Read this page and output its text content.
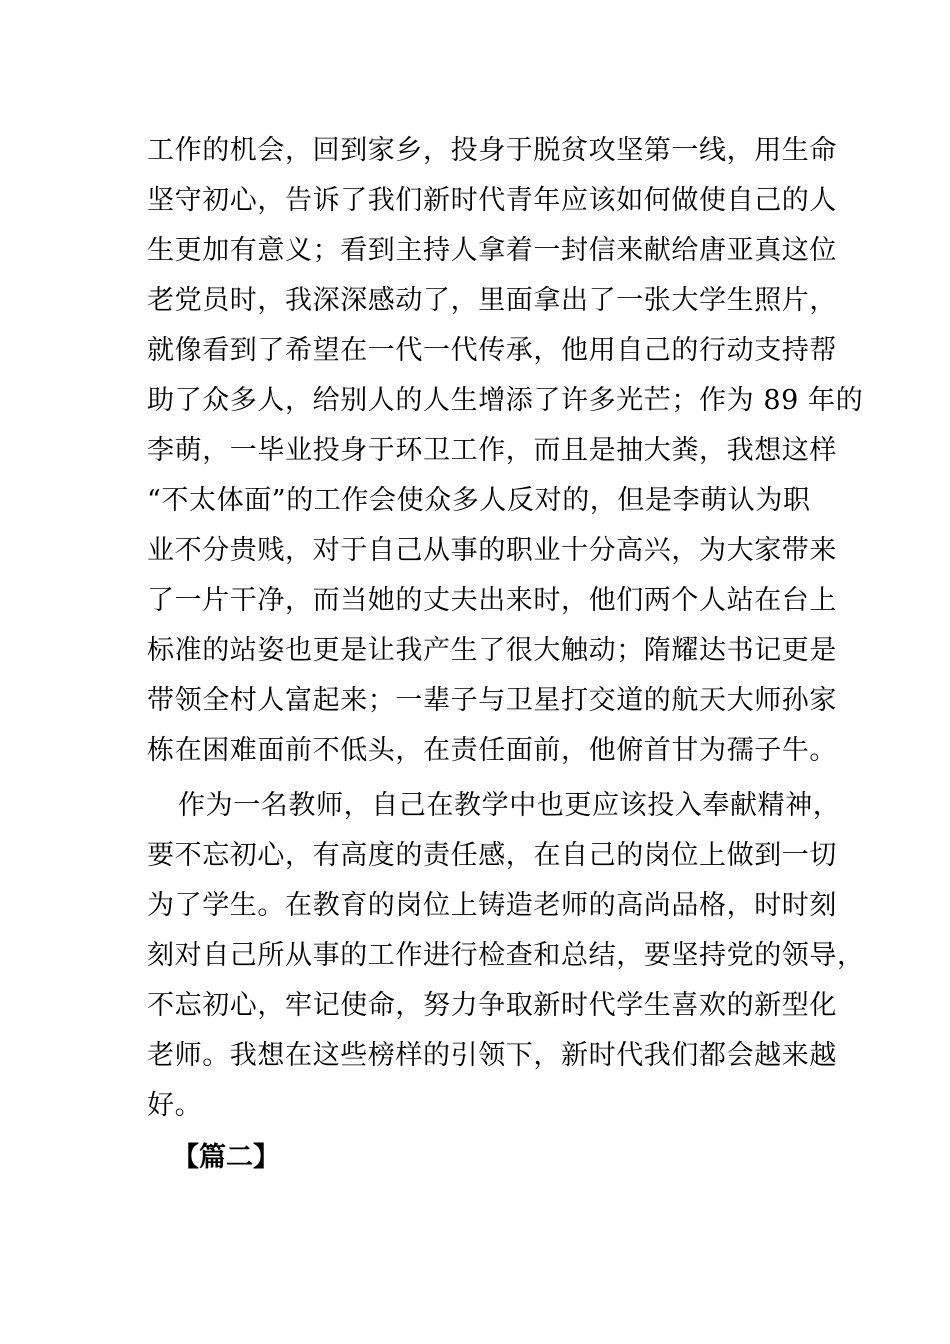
工作的机会，回到家乡，投身于脱贫攻坚第一线，用生命
坚守初心，告诉了我们新时代青年应该如何做使自己的人
生更加有意义；看到主持人拿着一封信来献给唐亚真这位
老党员时，我深深感动了，里面拿出了一张大学生照片，
就像看到了希望在一代一代传承，他用自己的行动支持帮
助了众多人，给别人的人生增添了许多光芒；作为 89 年的
李萌，一毕业投身于环卫工作，而且是抽大粪，我想这样
“不太体面”的工作会使众多人反对的，但是李萌认为职
业不分贵贱，对于自己从事的职业十分高兴，为大家带来
了一片干净，而当她的丈夫出来时，他们两个人站在台上
标准的站姿也更是让我产生了很大触动；隋耀达书记更是
带领全村人富起来；一辈子与卫星打交道的航天大师孙家
栋在困难面前不低头，在责任面前，他俯首甘为孺子牛。
作为一名教师，自己在教学中也更应该投入奉献精神，
要不忘初心，有高度的责任感，在自己的岗位上做到一切
为了学生。在教育的岗位上铸造老师的高尚品格，时时刻
刻对自己所从事的工作进行检查和总结，要坚持党的领导，
不忘初心，牢记使命，努力争取新时代学生喜欢的新型化
老师。我想在这些榜样的引领下，新时代我们都会越来越
好。
【篇二】
